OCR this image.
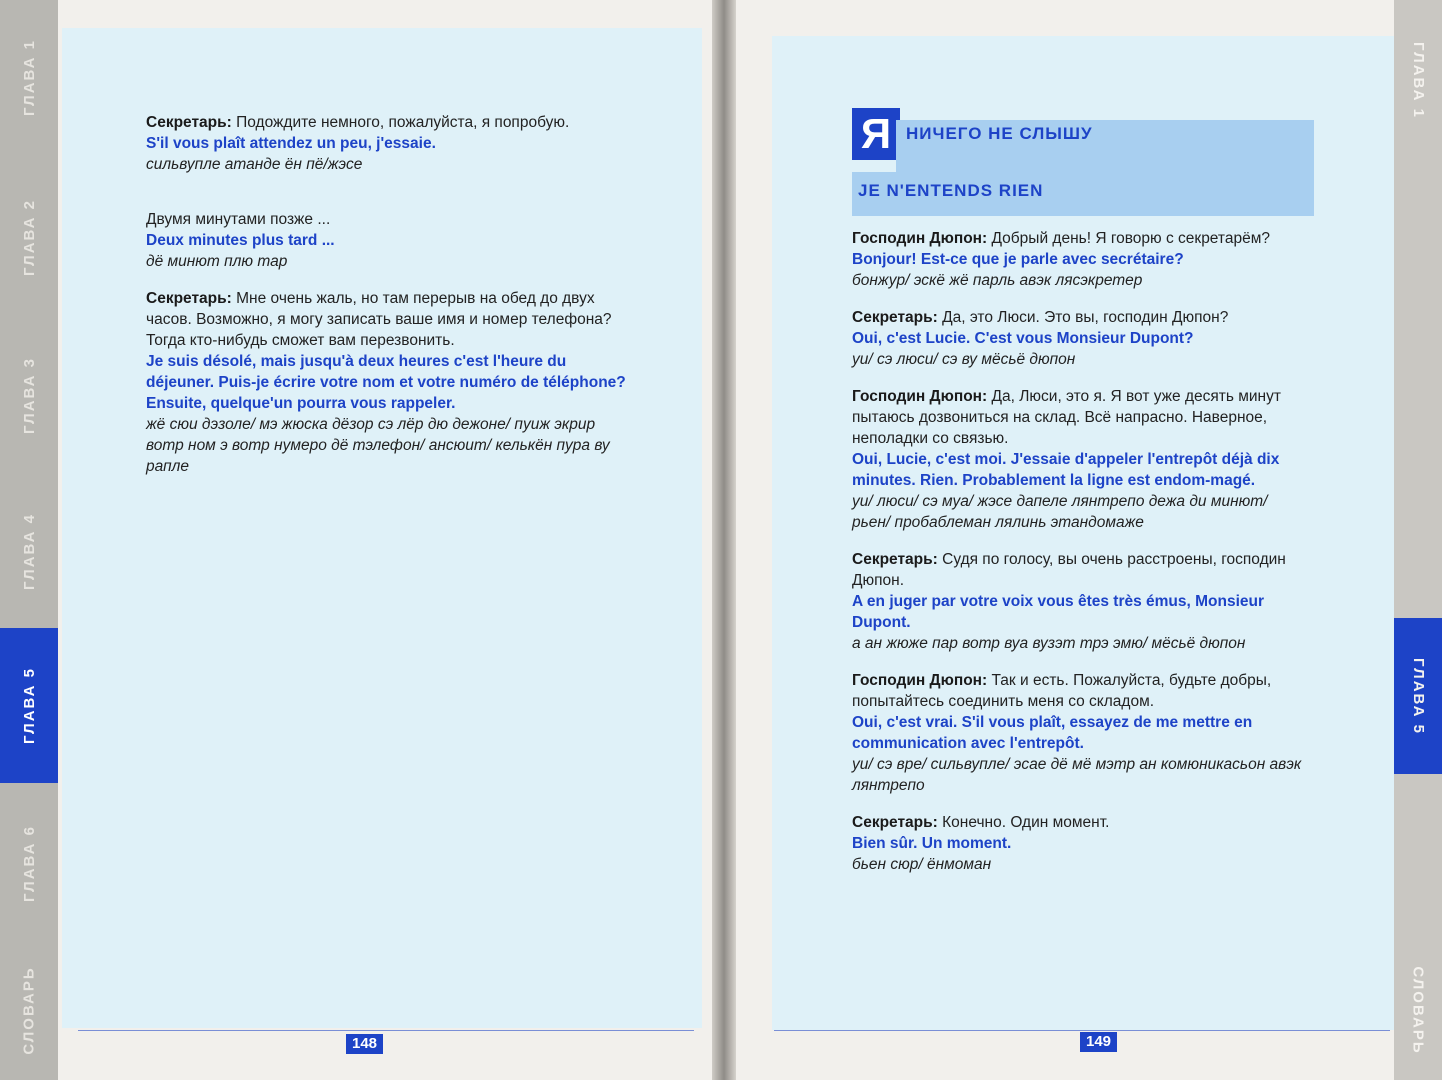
ГЛАВА 1
ГЛАВА 2
ГЛАВА 3
ГЛАВА 4
ГЛАВА 5
ГЛАВА 6
СЛОВАРЬ	148
ГЛАВА 1
ГЛАВА 5
СЛОВАРЬ
149
Я НИЧЕГО НЕ СЛЫШУ
JE N'ENTENDS RIEN

Секретарь: Подождите немного, пожалуйста, я попробую.

S'il vous plaît attendez un peu, j'essaie.

сильвупле атанде ён пё/жэсе

Двумя минутами позже ...

Deux minutes plus tard ...

дё минют плю тар

Секретарь: Мне очень жаль, но там перерыв на обед до двух часов. Возможно, я могу записать ваше имя и номер телефона? Тогда кто-нибудь сможет вам перезвонить.

Je suis désolé, mais jusqu'à deux heures c'est l'heure du déjeuner. Puis-je écrire votre nom et votre numéro de téléphone? Ensuite, quelque'un pourra vous rappeler.

жё сюи дэзоле/ мэ жюска дёзор сэ лёр дю дежоне/ пуиж экрир вотр ном э вотр нумеро дё тэлефон/ ансюит/ келькён пура ву рапле

Господин Дюпон: Добрый день! Я говорю с секретарём?

Bonjour! Est-ce que je parle avec secrétaire?

бонжур/ эскё жё парль авэк лясэкретер

Секретарь: Да, это Люси. Это вы, господин Дюпон?

Oui, c'est Lucie. C'est vous Monsieur Dupont?

уи/ сэ люси/ сэ ву мёсьё дюпон

Господин Дюпон: Да, Люси, это я. Я вот уже десять минут пытаюсь дозвониться на склад. Всё напрасно. Наверное, неполадки со связью.

Oui, Lucie, c'est moi. J'essaie d'appeler l'entrepôt déjà dix minutes. Rien. Probablement la ligne est endom-magé.

уи/ люси/ сэ муа/ жэсе дапеле лянтрепо дежа ди минют/ рьен/ пробаблеман лялинь этандомаже

Секретарь: Судя по голосу, вы очень расстроены, господин Дюпон.

A en juger par votre voix vous êtes très émus, Monsieur Dupont.

а ан жюже пар вотр вуа вузэт трэ эмю/ мёсьё дюпон

Господин Дюпон: Так и есть. Пожалуйста, будьте добры, попытайтесь соединить меня со складом.

Oui, c'est vrai. S'il vous plaît, essayez de me mettre en communication avec l'entrepôt.

уи/ сэ вре/ сильвупле/ эсае дё мё мэтр ан комюникасьон авэк лянтрепо

Секретарь: Конечно. Один момент.

Bien sûr. Un moment.

бьен сюр/ ёнмоман
